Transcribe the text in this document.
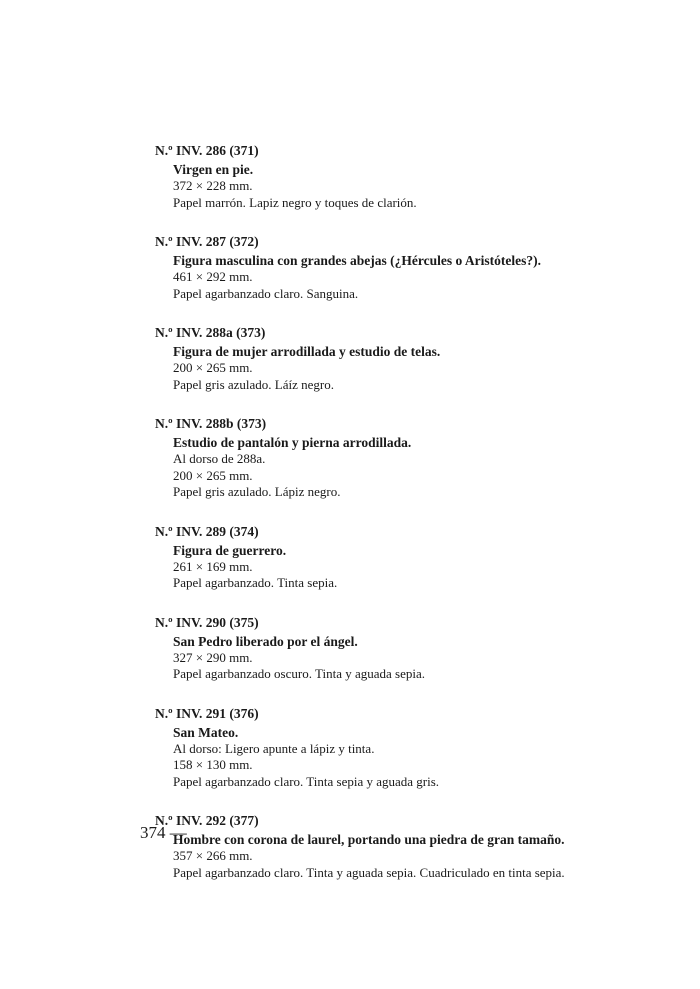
N.º INV. 286 (371)
Virgen en pie.
372 × 228 mm.
Papel marrón. Lapiz negro y toques de clarión.
N.º INV. 287 (372)
Figura masculina con grandes abejas (¿Hércules o Aristóteles?).
461 × 292 mm.
Papel agarbanzado claro. Sanguina.
N.º INV. 288a (373)
Figura de mujer arrodillada y estudio de telas.
200 × 265 mm.
Papel gris azulado. Láíz negro.
N.º INV. 288b (373)
Estudio de pantalón y pierna arrodillada.
Al dorso de 288a.
200 × 265 mm.
Papel gris azulado. Lápiz negro.
N.º INV. 289 (374)
Figura de guerrero.
261 × 169 mm.
Papel agarbanzado. Tinta sepia.
N.º INV. 290 (375)
San Pedro liberado por el ángel.
327 × 290 mm.
Papel agarbanzado oscuro. Tinta y aguada sepia.
N.º INV. 291 (376)
San Mateo.
Al dorso: Ligero apunte a lápiz y tinta.
158 × 130 mm.
Papel agarbanzado claro. Tinta sepia y aguada gris.
N.º INV. 292 (377)
Hombre con corona de laurel, portando una piedra de gran tamaño.
357 × 266 mm.
Papel agarbanzado claro. Tinta y aguada sepia. Cuadriculado en tinta sepia.
374 —
